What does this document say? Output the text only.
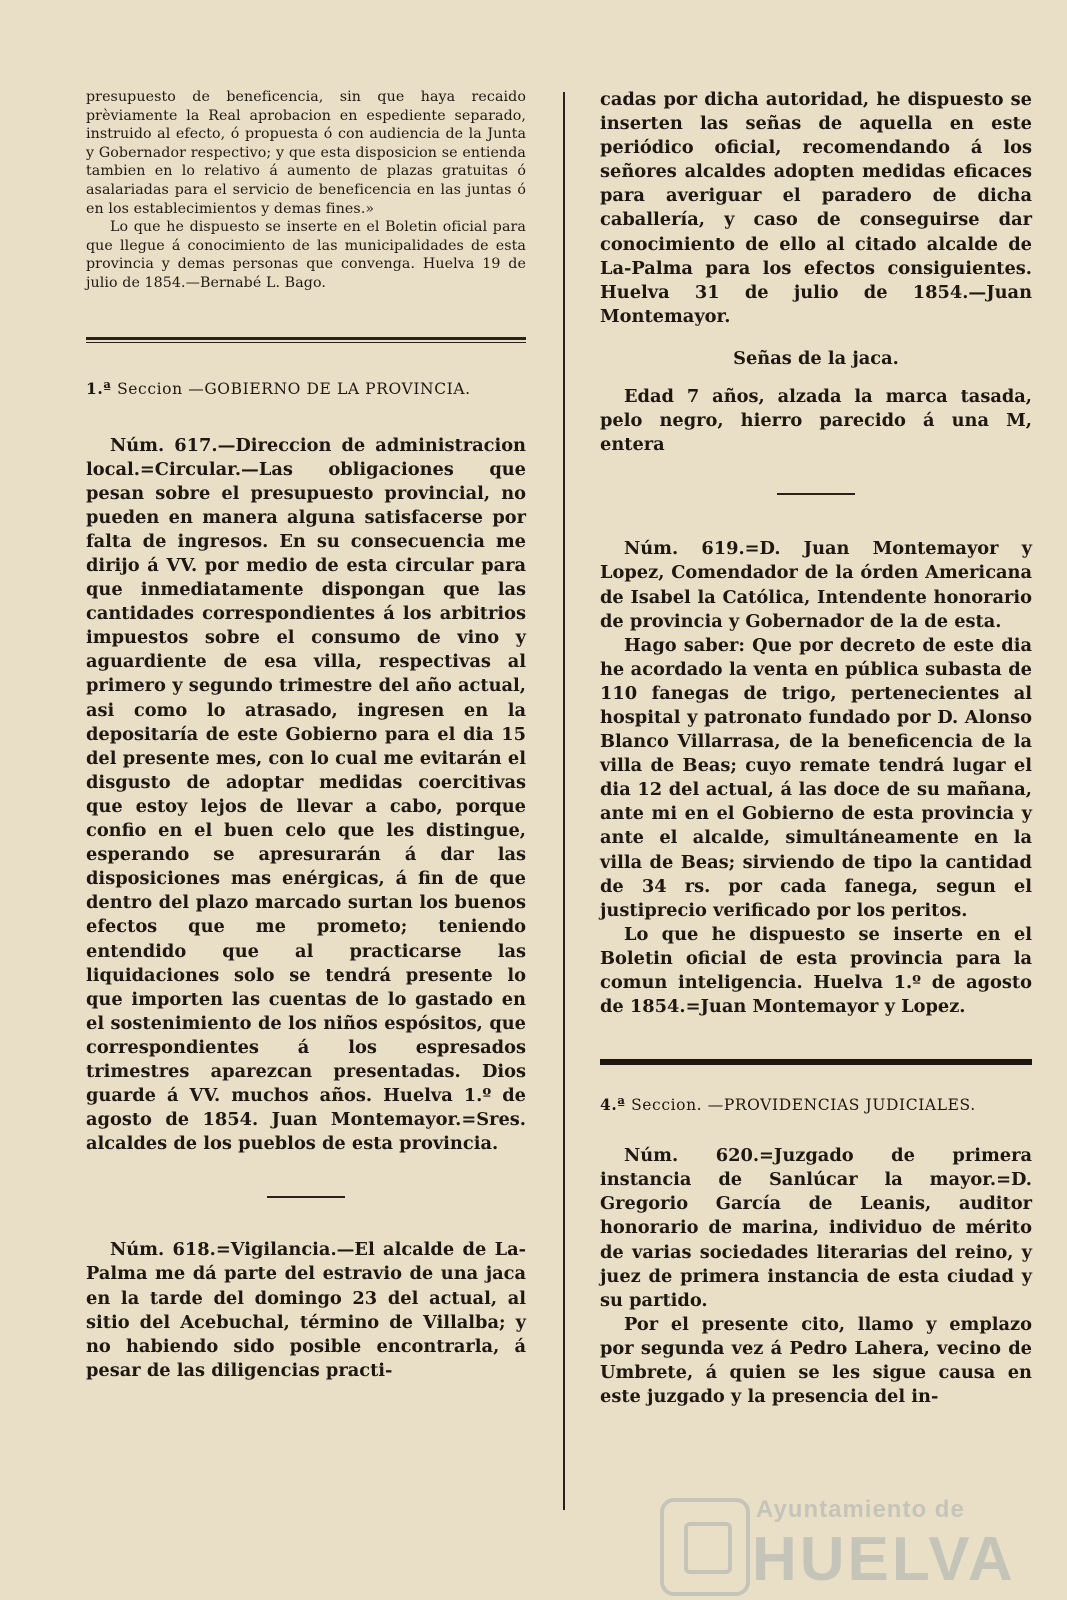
presupuesto de beneficencia, sin que haya recaido prèviamente la Real aprobacion en espediente separado, instruido al efecto, ó propuesta ó con audiencia de la Junta y Gobernador respectivo; y que esta disposicion se entienda tambien en lo relativo á aumento de plazas gratuitas ó asalariadas para el servicio de beneficencia en las juntas ó en los establecimientos y demas fines.»

Lo que he dispuesto se inserte en el Boletin oficial para que llegue á conocimiento de las municipalidades de esta provincia y demas personas que convenga. Huelva 19 de julio de 1854.—Bernabé L. Bago.

1.ª Seccion —GOBIERNO DE LA PROVINCIA.

Núm. 617.—Direccion de administracion local.=Circular.—Las obligaciones que pesan sobre el presupuesto provincial, no pueden en manera alguna satisfacerse por falta de ingresos. En su consecuencia me dirijo á VV. por medio de esta circular para que inmediatamente dispongan que las cantidades correspondientes á los arbitrios impuestos sobre el consumo de vino y aguardiente de esa villa, respectivas al primero y segundo trimestre del año actual, asi como lo atrasado, ingresen en la depositaría de este Gobierno para el dia 15 del presente mes, con lo cual me evitarán el disgusto de adoptar medidas coercitivas que estoy lejos de llevar a cabo, porque confio en el buen celo que les distingue, esperando se apresurarán á dar las disposiciones mas enérgicas, á fin de que dentro del plazo marcado surtan los buenos efectos que me prometo; teniendo entendido que al practicarse las liquidaciones solo se tendrá presente lo que importen las cuentas de lo gastado en el sostenimiento de los niños espósitos, que correspondientes á los espresados trimestres aparezcan presentadas. Dios guarde á VV. muchos años. Huelva 1.º de agosto de 1854. Juan Montemayor.=Sres. alcaldes de los pueblos de esta provincia.

Núm. 618.=Vigilancia.—El alcalde de La-Palma me dá parte del estravio de una jaca en la tarde del domingo 23 del actual, al sitio del Acebuchal, término de Villalba; y no habiendo sido posible encontrarla, á pesar de las diligencias practi-

cadas por dicha autoridad, he dispuesto se inserten las señas de aquella en este periódico oficial, recomendando á los señores alcaldes adopten medidas eficaces para averiguar el paradero de dicha caballería, y caso de conseguirse dar conocimiento de ello al citado alcalde de La-Palma para los efectos consiguientes. Huelva 31 de julio de 1854.—Juan Montemayor.

Señas de la jaca.

Edad 7 años, alzada la marca tasada, pelo negro, hierro parecido á una M, entera

Núm. 619.=D. Juan Montemayor y Lopez, Comendador de la órden Americana de Isabel la Católica, Intendente honorario de provincia y Gobernador de la de esta.

Hago saber: Que por decreto de este dia he acordado la venta en pública subasta de 110 fanegas de trigo, pertenecientes al hospital y patronato fundado por D. Alonso Blanco Villarrasa, de la beneficencia de la villa de Beas; cuyo remate tendrá lugar el dia 12 del actual, á las doce de su mañana, ante mi en el Gobierno de esta provincia y ante el alcalde, simultáneamente en la villa de Beas; sirviendo de tipo la cantidad de 34 rs. por cada fanega, segun el justiprecio verificado por los peritos.

Lo que he dispuesto se inserte en el Boletin oficial de esta provincia para la comun inteligencia. Huelva 1.º de agosto de 1854.=Juan Montemayor y Lopez.

4.ª Seccion. —PROVIDENCIAS JUDICIALES.

Núm. 620.=Juzgado de primera instancia de Sanlúcar la mayor.=D. Gregorio García de Leanis, auditor honorario de marina, individuo de mérito de varias sociedades literarias del reino, y juez de primera instancia de esta ciudad y su partido.

Por el presente cito, llamo y emplazo por segunda vez á Pedro Lahera, vecino de Umbrete, á quien se les sigue causa en este juzgado y la presencia del in-

Ayuntamiento de
HUELVA
